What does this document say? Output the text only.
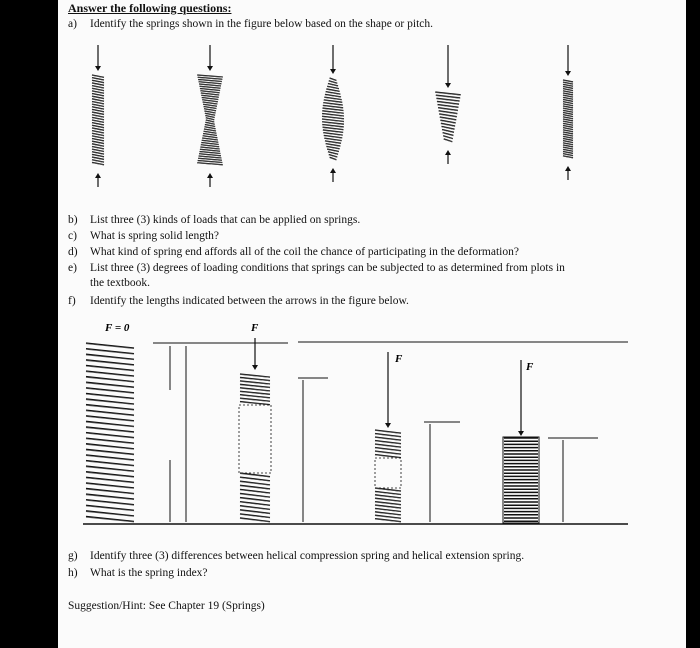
Answer the following questions:
a) Identify the springs shown in the figure below based on the shape or pitch.
b) List three (3) kinds of loads that can be applied on springs.
c) What is spring solid length?
d) What kind of spring end affords all of the coil the chance of participating in the deformation?
e) List three (3) degrees of loading conditions that springs can be subjected to as determined from plots in
the textbook.
f) Identify the lengths indicated between the arrows in the figure below.
F = 0	F
F
F
g) Identify three (3) differences between helical compression spring and helical extension spring.
h) What is the spring index?
Suggestion/Hint: See Chapter 19 (Springs)
